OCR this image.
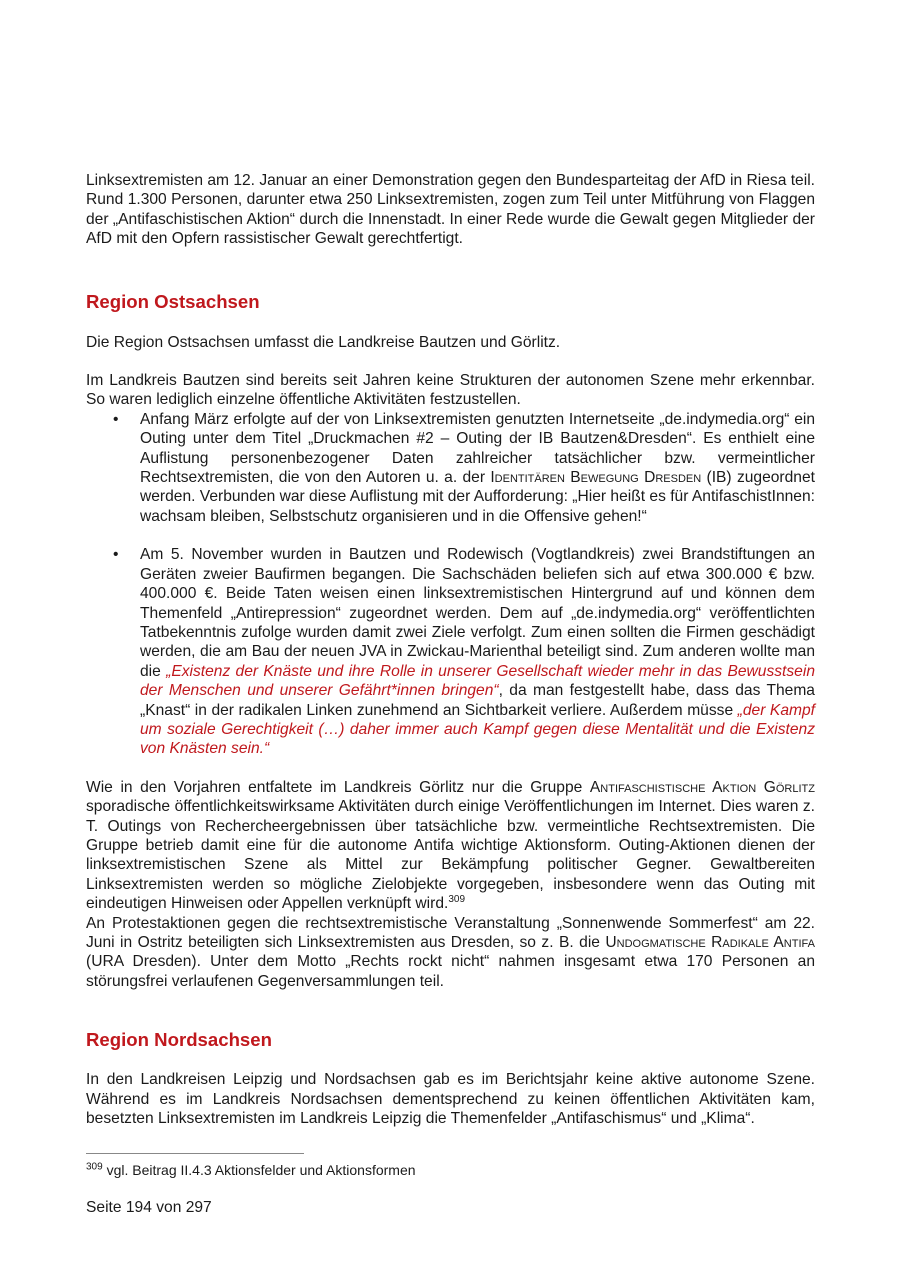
Linksextremisten am 12. Januar an einer Demonstration gegen den Bundesparteitag der AfD in Riesa teil. Rund 1.300 Personen, darunter etwa 250 Linksextremisten, zogen zum Teil unter Mitführung von Flaggen der „Antifaschistischen Aktion“ durch die Innenstadt. In einer Rede wurde die Gewalt gegen Mitglieder der AfD mit den Opfern rassistischer Gewalt gerechtfertigt.

Region Ostsachsen

Die Region Ostsachsen umfasst die Landkreise Bautzen und Görlitz.

Im Landkreis Bautzen sind bereits seit Jahren keine Strukturen der autonomen Szene mehr erkennbar. So waren lediglich einzelne öffentliche Aktivitäten festzustellen.

• Anfang März erfolgte auf der von Linksextremisten genutzten Internetseite „de.indymedia.org“ ein Outing unter dem Titel „Druckmachen #2 – Outing der IB Bautzen&Dresden“. Es enthielt eine Auflistung personenbezogener Daten zahlreicher tatsächlicher bzw. vermeintlicher Rechtsextremisten, die von den Autoren u. a. der Identitären Bewegung Dresden (IB) zugeordnet werden. Verbunden war diese Auflistung mit der Aufforderung: „Hier heißt es für AntifaschistInnen: wachsam bleiben, Selbstschutz organisieren und in die Offensive gehen!“
• Am 5. November wurden in Bautzen und Rodewisch (Vogtlandkreis) zwei Brandstiftungen an Geräten zweier Baufirmen begangen. Die Sachschäden beliefen sich auf etwa 300.000 € bzw. 400.000 €. Beide Taten weisen einen linksextremistischen Hintergrund auf und können dem Themenfeld „Antirepression“ zugeordnet werden. Dem auf „de.indymedia.org“ veröffentlichten Tatbekenntnis zufolge wurden damit zwei Ziele verfolgt. Zum einen sollten die Firmen geschädigt werden, die am Bau der neuen JVA in Zwickau-Marienthal beteiligt sind. Zum anderen wollte man die „Existenz der Knäste und ihre Rolle in unserer Gesellschaft wieder mehr in das Bewusstsein der Menschen und unserer Gefährt*innen bringen“, da man festgestellt habe, dass das Thema „Knast“ in der radikalen Linken zunehmend an Sichtbarkeit verliere. Außerdem müsse „der Kampf um soziale Gerechtigkeit (…) daher immer auch Kampf gegen diese Mentalität und die Existenz von Knästen sein.“

Wie in den Vorjahren entfaltete im Landkreis Görlitz nur die Gruppe Antifaschistische Aktion Görlitz sporadische öffentlichkeitswirksame Aktivitäten durch einige Veröffentlichungen im Internet. Dies waren z. T. Outings von Rechercheergebnissen über tatsächliche bzw. vermeintliche Rechtsextremisten. Die Gruppe betrieb damit eine für die autonome Antifa wichtige Aktionsform. Outing-Aktionen dienen der linksextremistischen Szene als Mittel zur Bekämpfung politischer Gegner. Gewaltbereiten Linksextremisten werden so mögliche Zielobjekte vorgegeben, insbesondere wenn das Outing mit eindeutigen Hinweisen oder Appellen verknüpft wird.$^{309}$

An Protestaktionen gegen die rechtsextremistische Veranstaltung „Sonnenwende Sommerfest“ am 22. Juni in Ostritz beteiligten sich Linksextremisten aus Dresden, so z. B. die Undogmatische Radikale Antifa (URA Dresden). Unter dem Motto „Rechts rockt nicht“ nahmen insgesamt etwa 170 Personen an störungsfrei verlaufenen Gegenversammlungen teil.

Region Nordsachsen

In den Landkreisen Leipzig und Nordsachsen gab es im Berichtsjahr keine aktive autonome Szene. Während es im Landkreis Nordsachsen dementsprechend zu keinen öffentlichen Aktivitäten kam, besetzten Linksextremisten im Landkreis Leipzig die Themenfelder „Antifaschismus“ und „Klima“.

$^{309}$ vgl. Beitrag II.4.3 Aktionsfelder und Aktionsformen
Seite 194 von 297
